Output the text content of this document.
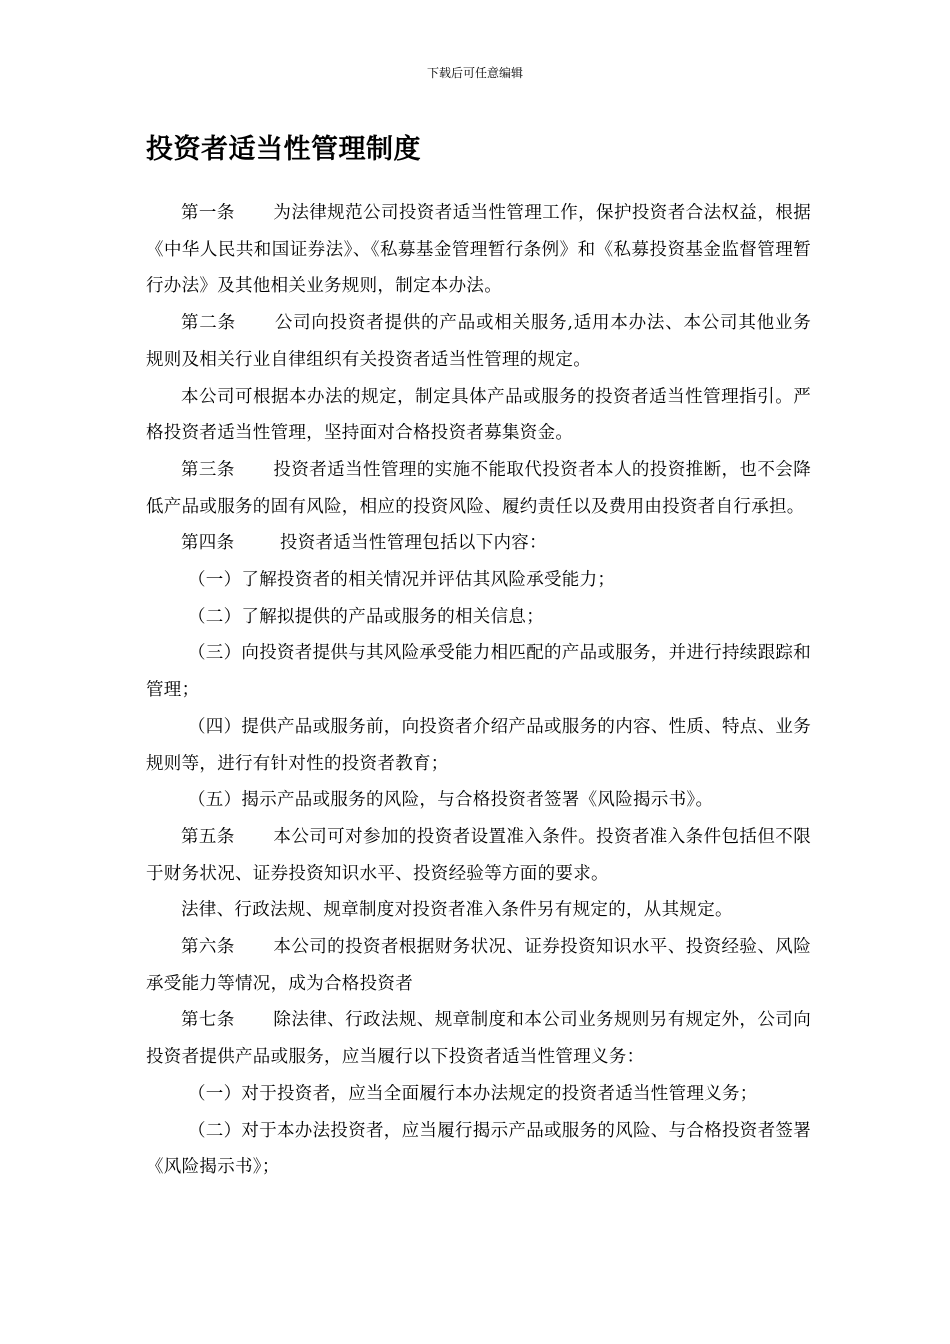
下载后可任意编辑
投资者适当性管理制度

第一条 为法律规范公司投资者适当性管理工作，保护投资者合法权益，根据《中华人民共和国证券法》、《私募基金管理暂行条例》和《私募投资基金监督管理暂行办法》及其他相关业务规则，制定本办法。

第二条 公司向投资者提供的产品或相关服务,适用本办法、本公司其他业务规则及相关行业自律组织有关投资者适当性管理的规定。

本公司可根据本办法的规定，制定具体产品或服务的投资者适当性管理指引。严格投资者适当性管理，坚持面对合格投资者募集资金。

第三条 投资者适当性管理的实施不能取代投资者本人的投资推断，也不会降低产品或服务的固有风险，相应的投资风险、履约责任以及费用由投资者自行承担。

第四条	投资者适当性管理包括以下内容：

（一）了解投资者的相关情况并评估其风险承受能力；

（二）了解拟提供的产品或服务的相关信息；

（三）向投资者提供与其风险承受能力相匹配的产品或服务，并进行持续跟踪和管理；

（四）提供产品或服务前，向投资者介绍产品或服务的内容、性质、特点、业务规则等，进行有针对性的投资者教育；

（五）揭示产品或服务的风险，与合格投资者签署《风险揭示书》。

第五条 本公司可对参加的投资者设置准入条件。投资者准入条件包括但不限于财务状况、证券投资知识水平、投资经验等方面的要求。

法律、行政法规、规章制度对投资者准入条件另有规定的，从其规定。

第六条 本公司的投资者根据财务状况、证券投资知识水平、投资经验、风险承受能力等情况，成为合格投资者

第七条 除法律、行政法规、规章制度和本公司业务规则另有规定外，公司向投资者提供产品或服务，应当履行以下投资者适当性管理义务：

（一）对于投资者，应当全面履行本办法规定的投资者适当性管理义务；

（二）对于本办法投资者，应当履行揭示产品或服务的风险、与合格投资者签署《风险揭示书》；
